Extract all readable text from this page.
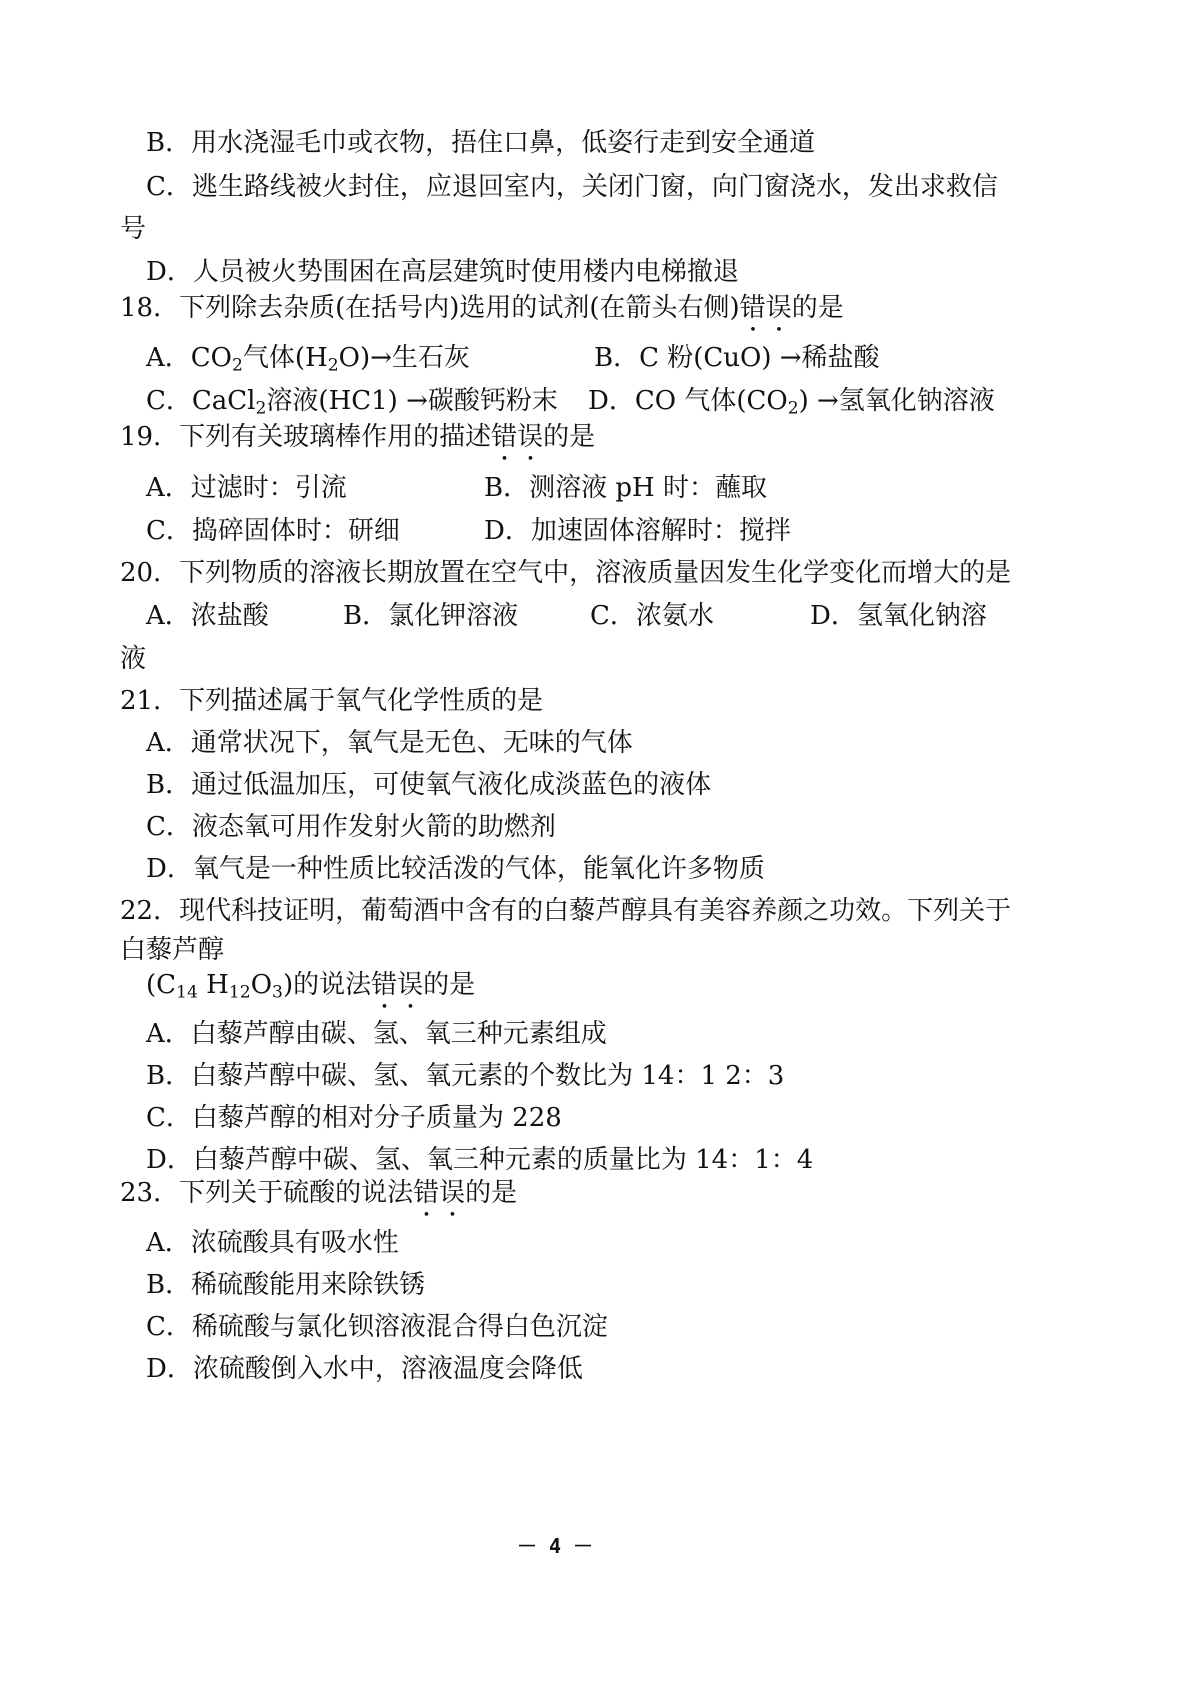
B．用水浇湿毛巾或衣物，捂住口鼻，低姿行走到安全通道
C．逃生路线被火封住，应退回室内，关闭门窗，向门窗浇水，发出求救信
号
D．人员被火势围困在高层建筑时使用楼内电梯撤退
18．下列除去杂质(在括号内)选用的试剂(在箭头右侧)错误的是
A．$CO_2$气体$(H_2O)\to$生石灰	B．C 粉(CuO) →稀盐酸
C．CaCl$_2$溶液(HC1) →碳酸钙粉末 D．CO 气体$(CO_2)$ →氢氧化钠溶液
19．下列有关玻璃棒作用的描述错误的是
A．过滤时：引流	B．测溶液 pH 时：蘸取
C．捣碎固体时：研细	D．加速固体溶解时：搅拌
20．下列物质的溶液长期放置在空气中，溶液质量因发生化学变化而增大的是
A．浓盐酸	B．氯化钾溶液	C．浓氨水	D．氢氧化钠溶
液
21．下列描述属于氧气化学性质的是
A．通常状况下，氧气是无色、无味的气体
B．通过低温加压，可使氧气液化成淡蓝色的液体
C．液态氧可用作发射火箭的助燃剂
D．氧气是一种性质比较活泼的气体，能氧化许多物质
22．现代科技证明，葡萄酒中含有的白藜芦醇具有美容养颜之功效。下列关于
白藜芦醇
($C_{14}$ $H_{12}O_3$)的说法错误的是
A．白藜芦醇由碳、氢、氧三种元素组成
B．白藜芦醇中碳、氢、氧元素的个数比为 14：1 2：3
C．白藜芦醇的相对分子质量为 228
D．白藜芦醇中碳、氢、氧三种元素的质量比为 14：1：4
23．下列关于硫酸的说法错误的是
A．浓硫酸具有吸水性
B．稀硫酸能用来除铁锈
C．稀硫酸与氯化钡溶液混合得白色沉淀
D．浓硫酸倒入水中，溶液温度会降低
－ 4 －
